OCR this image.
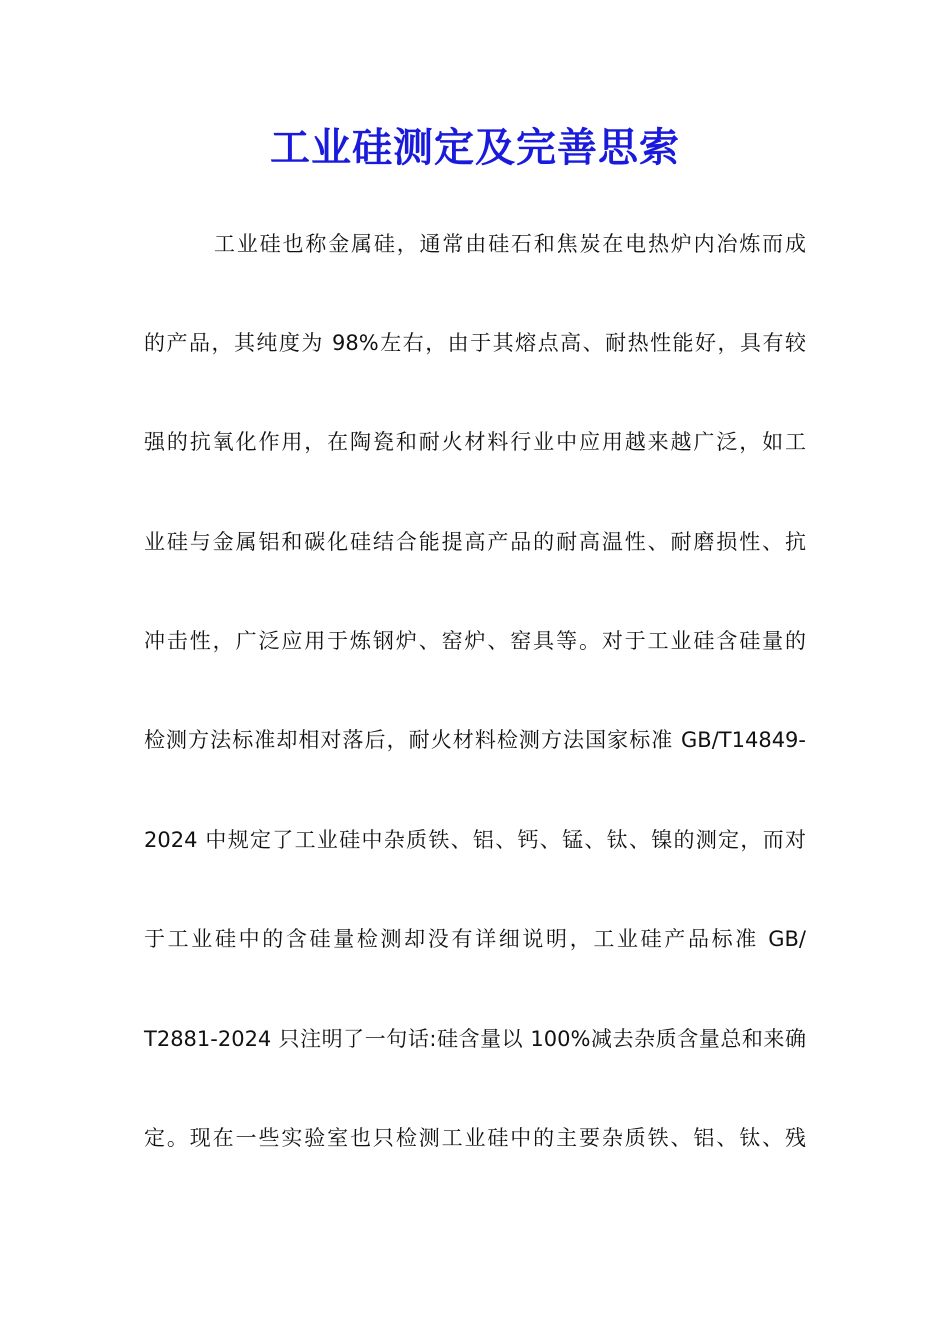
工业硅测定及完善思索
工业硅也称金属硅，通常由硅石和焦炭在电热炉内冶炼而成
的产品，其纯度为 98%左右，由于其熔点高、耐热性能好，具有较
强的抗氧化作用，在陶瓷和耐火材料行业中应用越来越广泛，如工
业硅与金属铝和碳化硅结合能提高产品的耐高温性、耐磨损性、抗
冲击性，广泛应用于炼钢炉、窑炉、窑具等。对于工业硅含硅量的
检测方法标准却相对落后，耐火材料检测方法国家标准 GB/T14849-
2024 中规定了工业硅中杂质铁、铝、钙、锰、钛、镍的测定，而对
于工业硅中的含硅量检测却没有详细说明，工业硅产品标准 GB/
T2881-2024 只注明了一句话:硅含量以 100%减去杂质含量总和来确
定。现在一些实验室也只检测工业硅中的主要杂质铁、铝、钛、残
